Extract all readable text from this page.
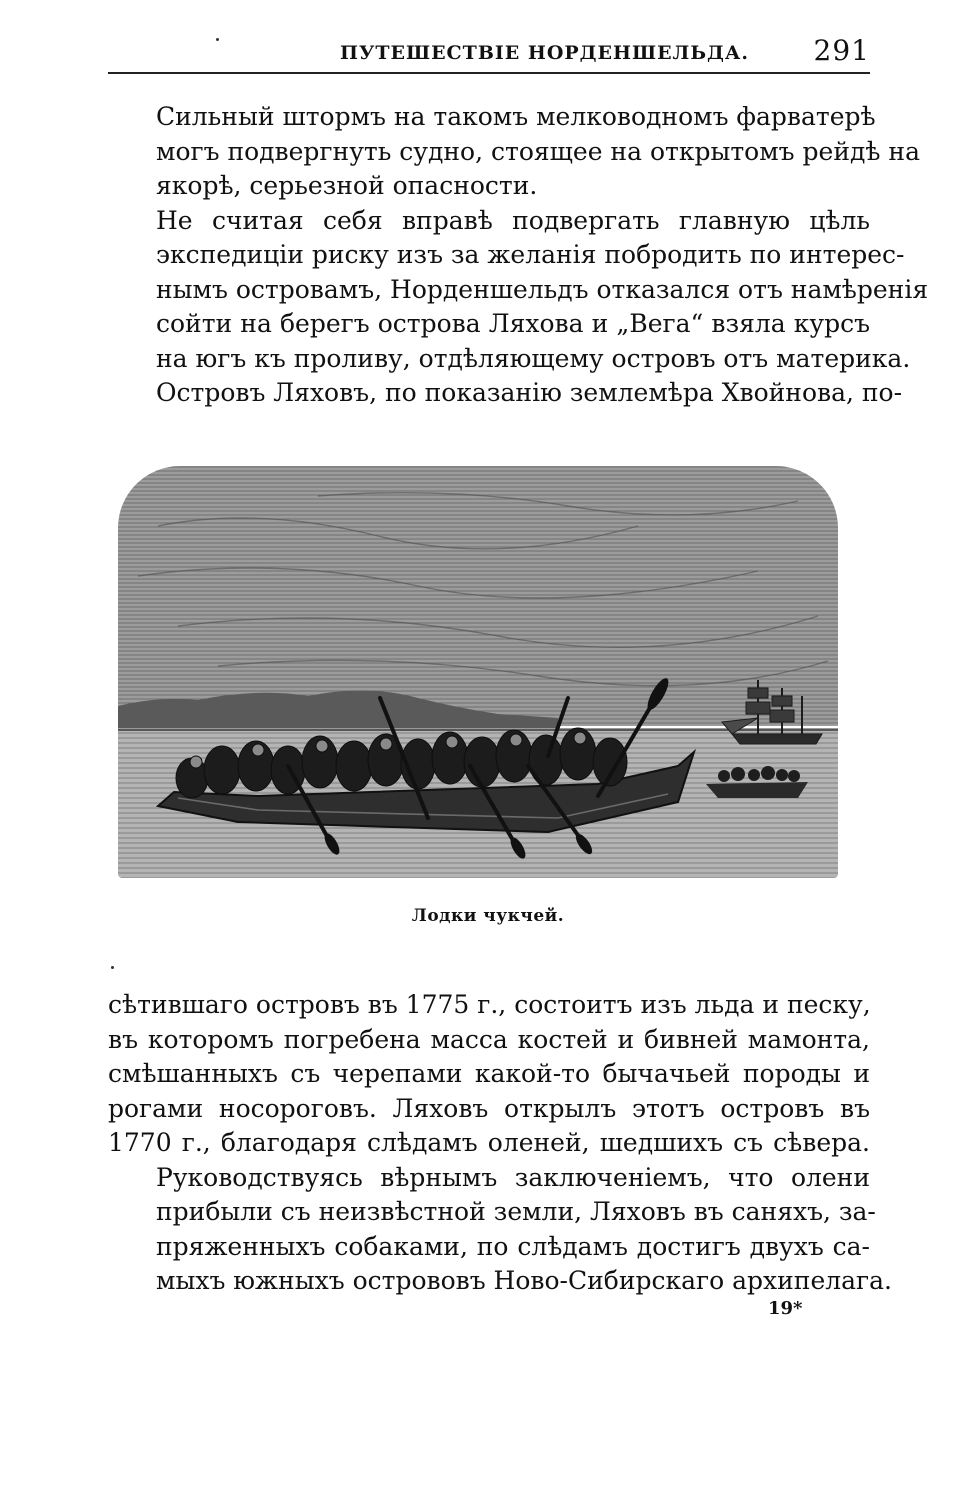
ПУТЕШЕСТВІЕ НОРДЕНШЕЛЬДА. 291

Сильный штормъ на такомъ мелководномъ фарватерѣ
могъ подвергнуть судно, стоящее на открытомъ рейдѣ на
якорѣ, серьезной опасности.

Не считая себя вправѣ подвергать главную цѣль
экспедиціи риску изъ за желанія побродить по интерес-
нымъ островамъ, Норденшельдъ отказался отъ намѣренія
сойти на берегъ острова Ляхова и „Вега“ взяла курсъ
на югъ къ проливу, отдѣляющему островъ отъ материка.
Островъ Ляховъ, по показанію землемѣра Хвойнова, по-

Лодки чукчей.

сѣтившаго островъ въ 1775 г., состоитъ изъ льда и песку,
въ которомъ погребена масса костей и бивней мамонта,
смѣшанныхъ съ черепами какой-то бычачьей породы и
рогами носороговъ. Ляховъ открылъ этотъ островъ въ
1770 г., благодаря слѣдамъ оленей, шедшихъ съ сѣвера.

Руководствуясь вѣрнымъ заключеніемъ, что олени
прибыли съ неизвѣстной земли, Ляховъ въ саняхъ, за-
пряженныхъ собаками, по слѣдамъ достигъ двухъ са-
мыхъ южныхъ острововъ Ново-Сибирскаго архипелага.

19*
